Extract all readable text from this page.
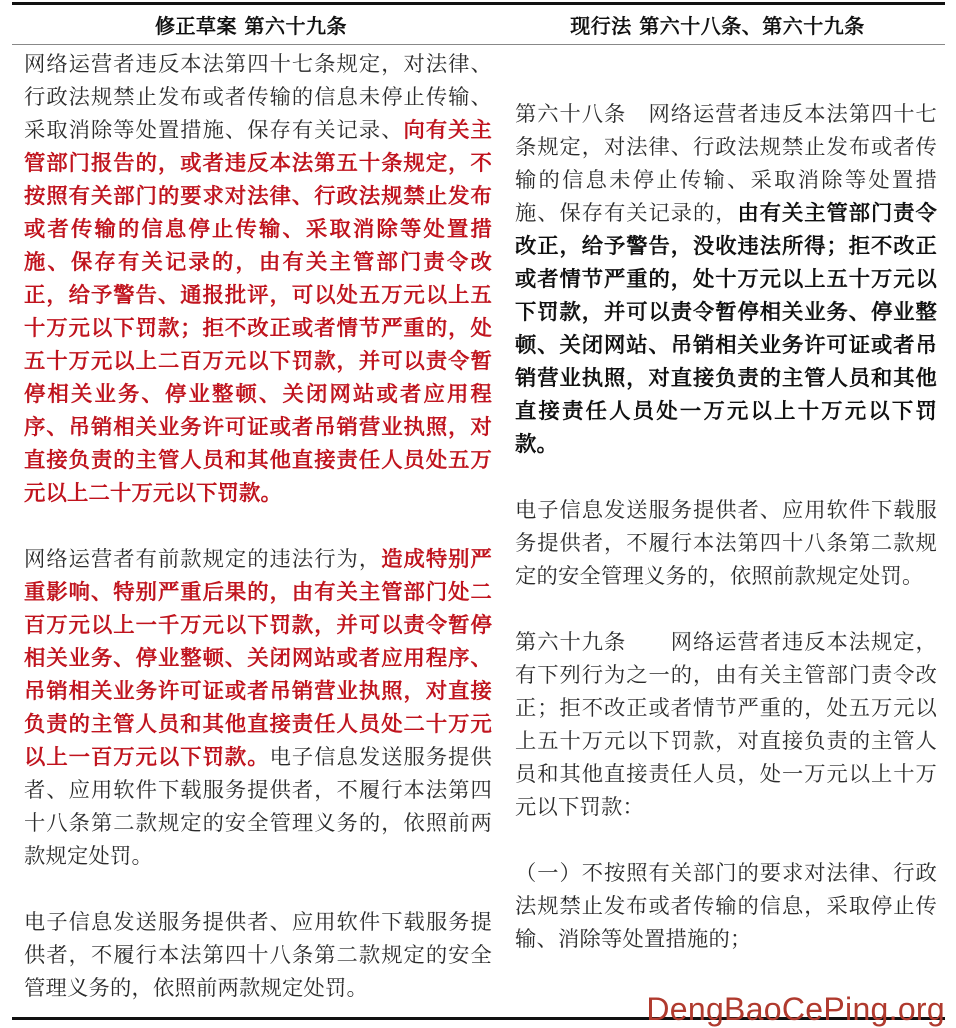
修正草案 第六十九条	现行法 第六十八条、第六十九条

网络运营者违反本法第四十七条规定，对法律、行政法规禁止发布或者传输的信息未停止传输、采取消除等处置措施、保存有关记录、向有关主管部门报告的，或者违反本法第五十条规定，不按照有关部门的要求对法律、行政法规禁止发布或者传输的信息停止传输、采取消除等处置措施、保存有关记录的，由有关主管部门责令改正，给予警告、通报批评，可以处五万元以上五十万元以下罚款；拒不改正或者情节严重的，处五十万元以上二百万元以下罚款，并可以责令暂停相关业务、停业整顿、关闭网站或者应用程序、吊销相关业务许可证或者吊销营业执照，对直接负责的主管人员和其他直接责任人员处五万元以上二十万元以下罚款。

网络运营者有前款规定的违法行为，造成特别严重影响、特别严重后果的，由有关主管部门处二百万元以上一千万元以下罚款，并可以责令暂停相关业务、停业整顿、关闭网站或者应用程序、吊销相关业务许可证或者吊销营业执照，对直接负责的主管人员和其他直接责任人员处二十万元以上一百万元以下罚款。电子信息发送服务提供者、应用软件下载服务提供者，不履行本法第四十八条第二款规定的安全管理义务的，依照前两款规定处罚。

电子信息发送服务提供者、应用软件下载服务提供者，不履行本法第四十八条第二款规定的安全管理义务的，依照前两款规定处罚。

第六十八条　网络运营者违反本法第四十七条规定，对法律、行政法规禁止发布或者传输的信息未停止传输、采取消除等处置措施、保存有关记录的，由有关主管部门责令改正，给予警告，没收违法所得；拒不改正或者情节严重的，处十万元以上五十万元以下罚款，并可以责令暂停相关业务、停业整顿、关闭网站、吊销相关业务许可证或者吊销营业执照，对直接负责的主管人员和其他直接责任人员处一万元以上十万元以下罚款。

电子信息发送服务提供者、应用软件下载服务提供者，不履行本法第四十八条第二款规定的安全管理义务的，依照前款规定处罚。

第六十九条　　网络运营者违反本法规定，有下列行为之一的，由有关主管部门责令改正；拒不改正或者情节严重的，处五万元以上五十万元以下罚款，对直接负责的主管人员和其他直接责任人员，处一万元以上十万元以下罚款：

（一）不按照有关部门的要求对法律、行政法规禁止发布或者传输的信息，采取停止传输、消除等处置措施的；

DengBaoCePing.org
